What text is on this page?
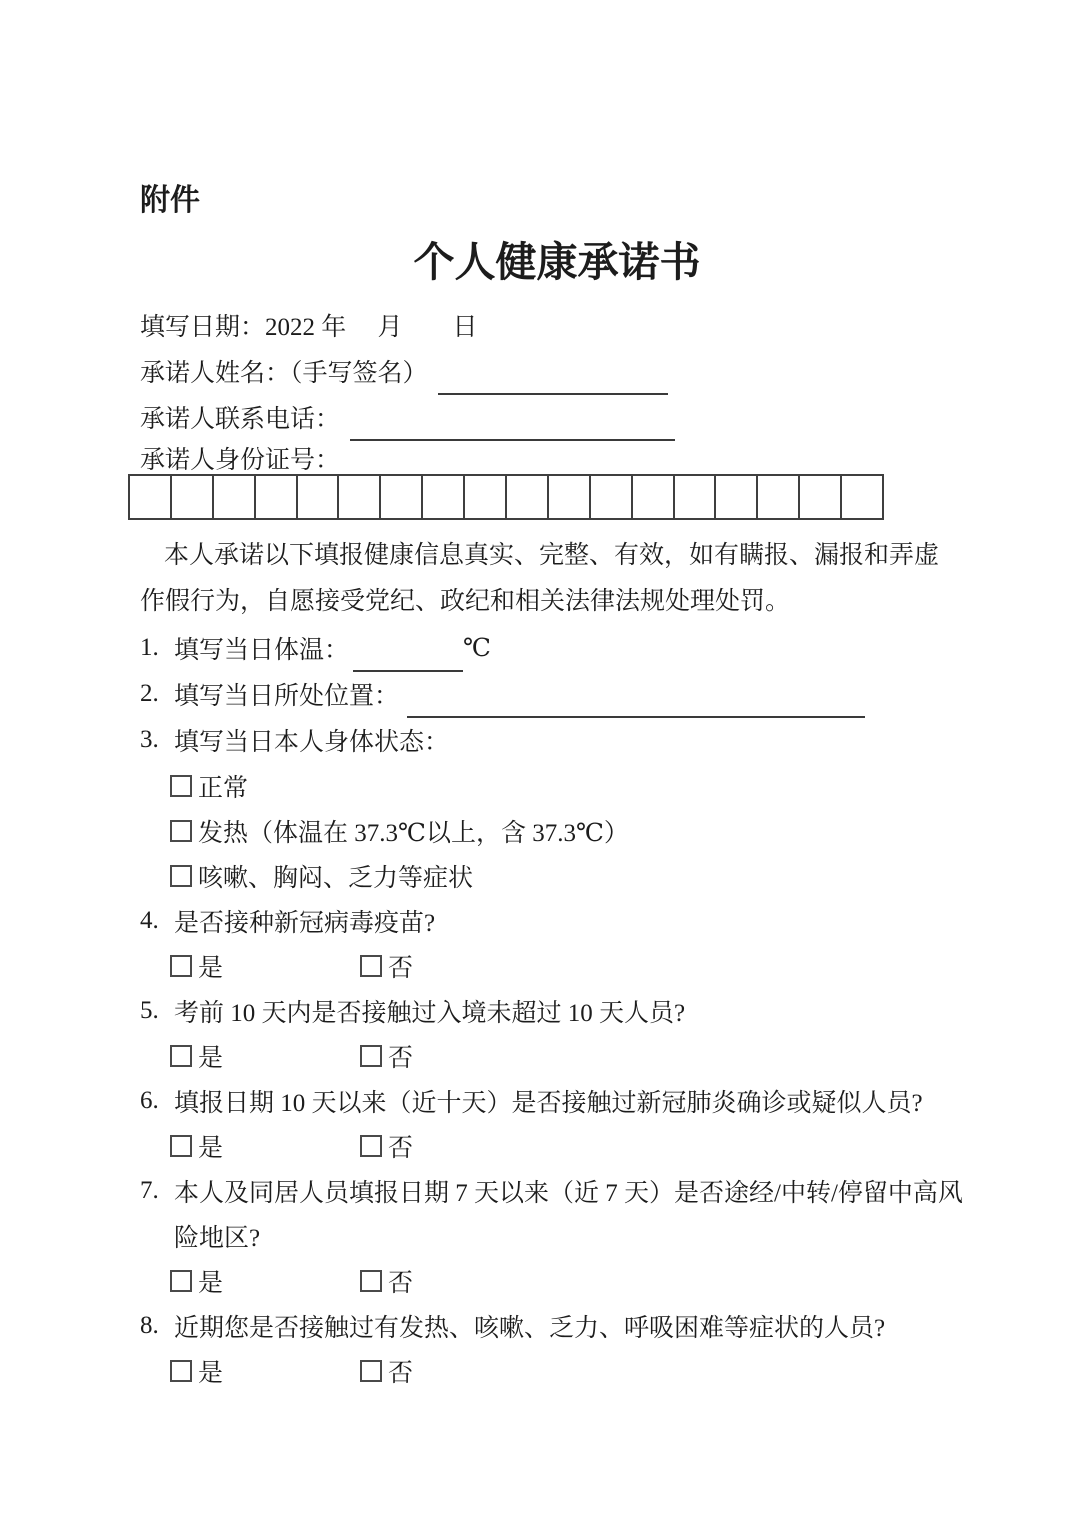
附件
个人健康承诺书
填写日期：2022 年　 月　　日
承诺人姓名：（手写签名）
承诺人联系电话：
承诺人身份证号：

本人承诺以下填报健康信息真实、完整、有效，如有瞒报、漏报和弄虚

作假行为，自愿接受党纪、政纪和相关法律法规处理处罚。

1. 填写当日体温：	℃
2. 填写当日所处位置：
3. 填写当日本人身体状态：
正常
发热（体温在 37.3℃以上，含 37.3℃）
咳嗽、胸闷、乏力等症状
4. 是否接种新冠病毒疫苗?
是	否
5. 考前 10 天内是否接触过入境未超过 10 天人员?
是	否
6. 填报日期 10 天以来（近十天）是否接触过新冠肺炎确诊或疑似人员?
是	否
7. 本人及同居人员填报日期 7 天以来（近 7 天）是否途经/中转/停留中高风
险地区?
是	否
8. 近期您是否接触过有发热、咳嗽、乏力、呼吸困难等症状的人员?
是	否
